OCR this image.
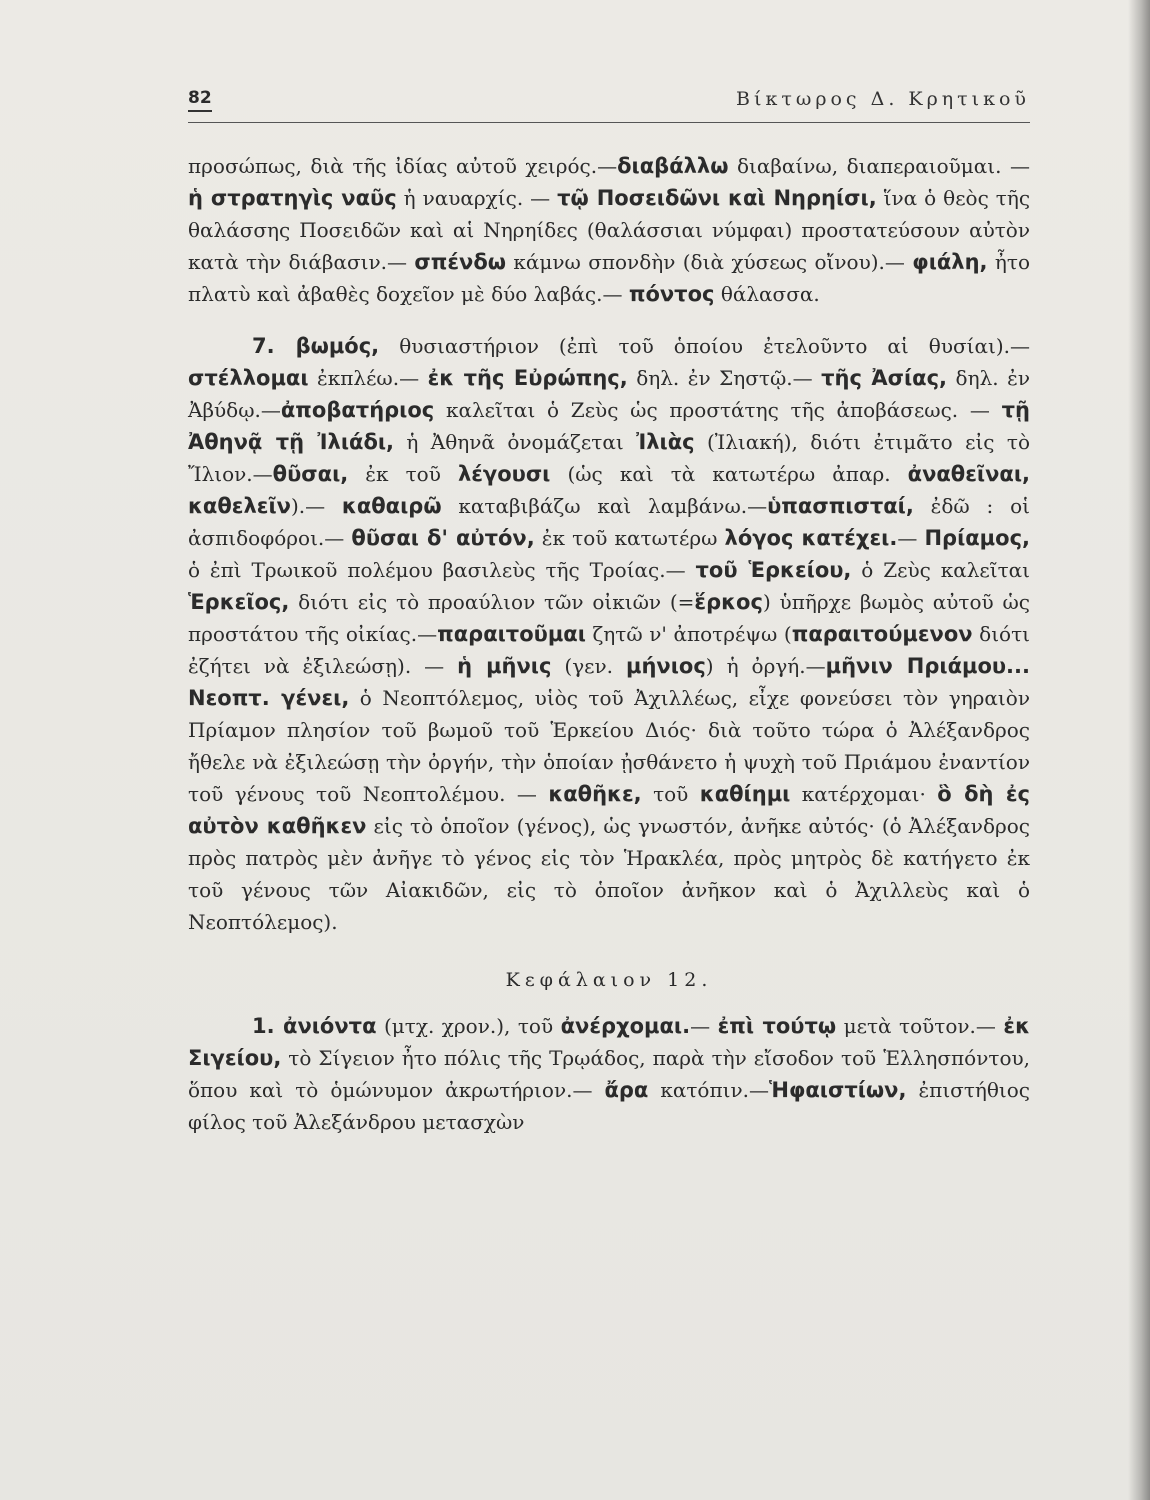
82	Βίκτωρος Δ. Κρητικοῦ

προσώπως, διὰ τῆς ἰδίας αὐτοῦ χειρός.—διαβάλλω διαβαίνω, διαπεραιοῦμαι. — ἡ στρατηγὶς ναῦς ἡ ναυαρχίς. — τῷ Ποσειδῶνι καὶ Νηρηίσι, ἵνα ὁ θεὸς τῆς θαλάσσης Ποσειδῶν καὶ αἱ Νηρηίδες (θαλάσσιαι νύμφαι) προστατεύσουν αὐτὸν κατὰ τὴν διάβασιν.— σπένδω κάμνω σπονδὴν (διὰ χύσεως οἴνου).— φιάλη, ἦτο πλατὺ καὶ ἀβαθὲς δοχεῖον μὲ δύο λαβάς.— πόντος θάλασσα.

7. βωμός, θυσιαστήριον (ἐπὶ τοῦ ὁποίου ἐτελοῦντο αἱ θυσίαι).— στέλλομαι ἐκπλέω.— ἐκ τῆς Εὐρώπης, δηλ. ἐν Σηστῷ.— τῆς Ἀσίας, δηλ. ἐν Ἀβύδῳ.—ἀποβατήριος καλεῖται ὁ Ζεὺς ὡς προστάτης τῆς ἀποβάσεως. — τῇ Ἀθηνᾷ τῇ Ἰλιάδι, ἡ Ἀθηνᾶ ὀνομάζεται Ἰλιὰς (Ἰλιακή), διότι ἐτιμᾶτο εἰς τὸ Ἴλιον.—θῦσαι, ἐκ τοῦ λέγουσι (ὡς καὶ τὰ κατωτέρω ἀπαρ. ἀναθεῖναι, καθελεῖν).— καθαιρῶ καταβιβάζω καὶ λαμβάνω.—ὑπασπισταί, ἐδῶ : οἱ ἀσπιδοφόροι.— θῦσαι δ' αὐτόν, ἐκ τοῦ κατωτέρω λόγος κατέχει.— Πρίαμος, ὁ ἐπὶ Τρωικοῦ πολέμου βασιλεὺς τῆς Τροίας.— τοῦ Ἑρκείου, ὁ Ζεὺς καλεῖται Ἑρκεῖος, διότι εἰς τὸ προαύλιον τῶν οἰκιῶν (=ἕρκος) ὑπῆρχε βωμὸς αὐτοῦ ὡς προστάτου τῆς οἰκίας.—παραιτοῦμαι ζητῶ ν' ἀποτρέψω (παραιτούμενον διότι ἐζήτει νὰ ἐξιλεώσῃ). — ἡ μῆνις (γεν. μήνιος) ἡ ὀργή.—μῆνιν Πριάμου... Νεοπτ. γένει, ὁ Νεοπτόλεμος, υἱὸς τοῦ Ἀχιλλέως, εἶχε φονεύσει τὸν γηραιὸν Πρίαμον πλησίον τοῦ βωμοῦ τοῦ Ἑρκείου Διός· διὰ τοῦτο τώρα ὁ Ἀλέξανδρος ἤθελε νὰ ἐξιλεώσῃ τὴν ὀργήν, τὴν ὁποίαν ᾐσθάνετο ἡ ψυχὴ τοῦ Πριάμου ἐναντίον τοῦ γένους τοῦ Νεοπτολέμου. — καθῆκε, τοῦ καθίημι κατέρχομαι· ὃ δὴ ἐς αὐτὸν καθῆκεν εἰς τὸ ὁποῖον (γένος), ὡς γνωστόν, ἀνῆκε αὐτός· (ὁ Ἀλέξανδρος πρὸς πατρὸς μὲν ἀνῆγε τὸ γένος εἰς τὸν Ἡρακλέα, πρὸς μητρὸς δὲ κατήγετο ἐκ τοῦ γένους τῶν Αἰακιδῶν, εἰς τὸ ὁποῖον ἀνῆκον καὶ ὁ Ἀχιλλεὺς καὶ ὁ Νεοπτόλεμος).

Κεφάλαιον 12.

1. ἀνιόντα (μτχ. χρον.), τοῦ ἀνέρχομαι.— ἐπὶ τούτῳ μετὰ τοῦτον.— ἐκ Σιγείου, τὸ Σίγειον ἦτο πόλις τῆς Τρῳάδος, παρὰ τὴν εἴσοδον τοῦ Ἑλλησπόντου, ὅπου καὶ τὸ ὁμώνυμον ἀκρωτήριον.— ἄρα κατόπιν.—Ἡφαιστίων, ἐπιστήθιος φίλος τοῦ Ἀλεξάνδρου μετασχὼν
